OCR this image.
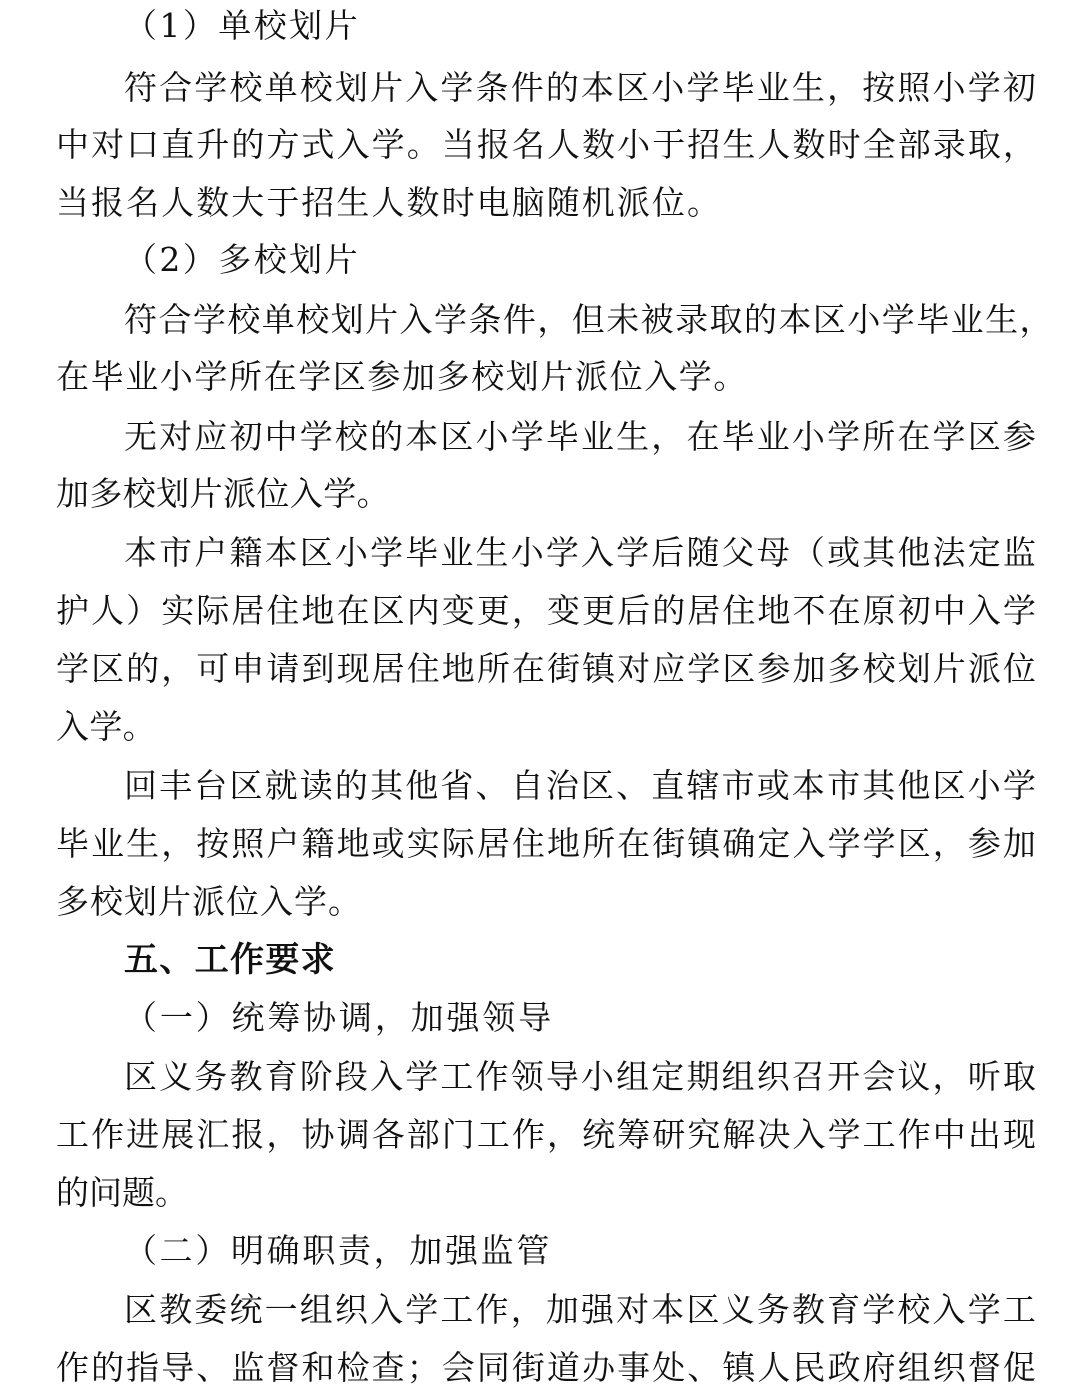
（1）单校划片
符合学校单校划片入学条件的本区小学毕业生，按照小学初
中对口直升的方式入学。当报名人数小于招生人数时全部录取，
当报名人数大于招生人数时电脑随机派位。
（2）多校划片
符合学校单校划片入学条件，但未被录取的本区小学毕业生，
在毕业小学所在学区参加多校划片派位入学。
无对应初中学校的本区小学毕业生，在毕业小学所在学区参
加多校划片派位入学。
本市户籍本区小学毕业生小学入学后随父母（或其他法定监
护人）实际居住地在区内变更，变更后的居住地不在原初中入学
学区的，可申请到现居住地所在街镇对应学区参加多校划片派位
入学。
回丰台区就读的其他省、自治区、直辖市或本市其他区小学
毕业生，按照户籍地或实际居住地所在街镇确定入学学区，参加
多校划片派位入学。
五、工作要求
（一）统筹协调，加强领导
区义务教育阶段入学工作领导小组定期组织召开会议，听取
工作进展汇报，协调各部门工作，统筹研究解决入学工作中出现
的问题。
（二）明确职责，加强监管
区教委统一组织入学工作，加强对本区义务教育学校入学工
作的指导、监督和检查；会同街道办事处、镇人民政府组织督促
